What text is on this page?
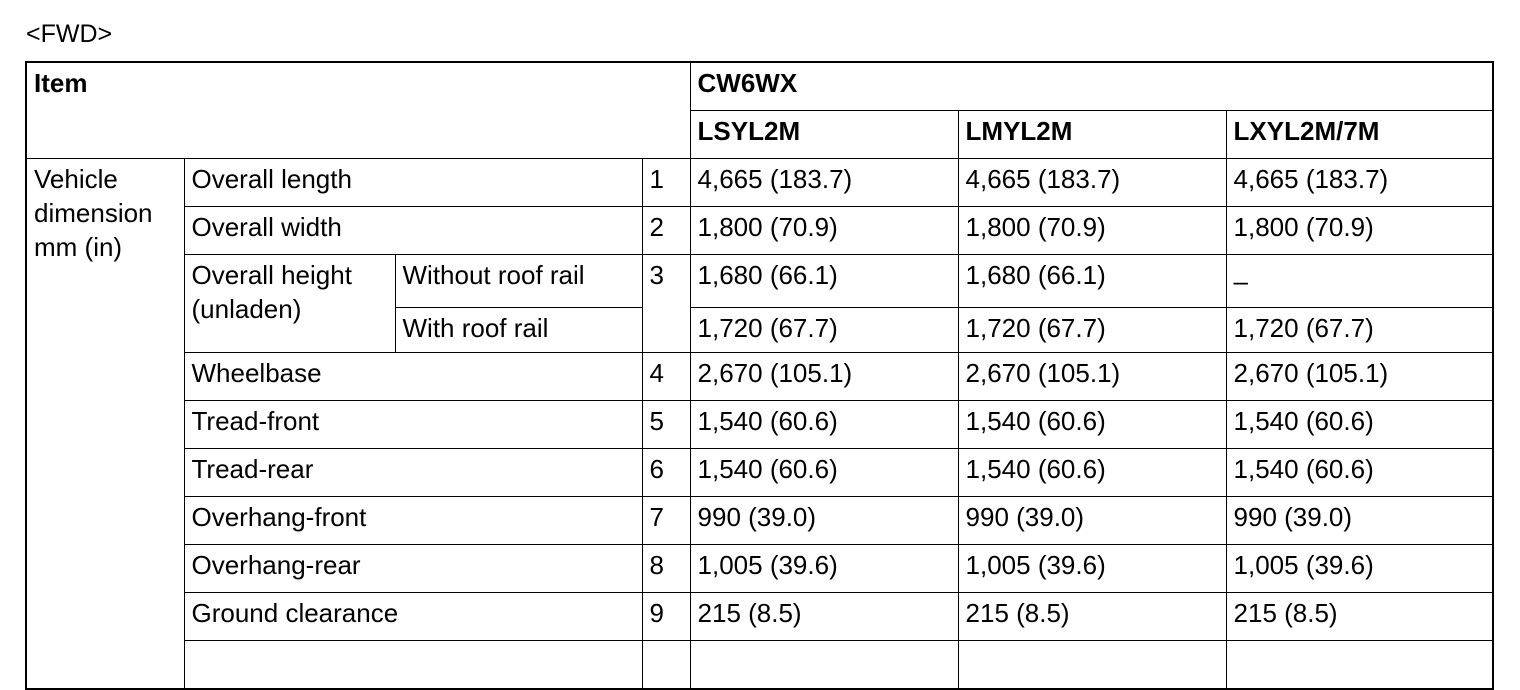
<FWD>
Item				CW6WX		
				LSYL2M	LMYL2M	LXYL2M/7M
Vehicle dimension mm (in)	Overall length		1	4,665 (183.7)	4,665 (183.7)	4,665 (183.7)
	Overall width		2	1,800 (70.9)	1,800 (70.9)	1,800 (70.9)
	Overall height (unladen)	Without roof rail	3	1,680 (66.1)	1,680 (66.1)	–
		With roof rail		1,720 (67.7)	1,720 (67.7)	1,720 (67.7)
	Wheelbase		4	2,670 (105.1)	2,670 (105.1)	2,670 (105.1)
	Tread-front		5	1,540 (60.6)	1,540 (60.6)	1,540 (60.6)
	Tread-rear		6	1,540 (60.6)	1,540 (60.6)	1,540 (60.6)
	Overhang-front		7	990 (39.0)	990 (39.0)	990 (39.0)
	Overhang-rear		8	1,005 (39.6)	1,005 (39.6)	1,005 (39.6)
	Ground clearance		9	215 (8.5)	215 (8.5)	215 (8.5)
